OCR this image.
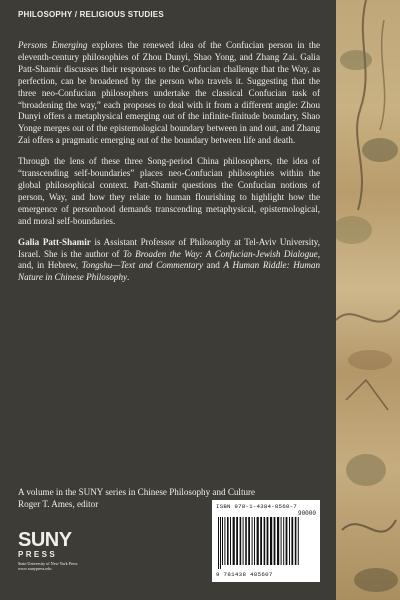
PHILOSOPHY / RELIGIOUS STUDIES

Persons Emerging explores the renewed idea of the Confucian person in the eleventh-century philosophies of Zhou Dunyi, Shao Yong, and Zhang Zai. Galia Patt-Shamir discusses their responses to the Confucian challenge that the Way, as perfection, can be broadened by the person who travels it. Suggesting that the three neo-Confucian philosophers undertake the classical Confucian task of “broadening the way,” each proposes to deal with it from a different angle: Zhou Dunyi offers a metaphysical emerging out of the infinite-finitude boundary, Shao Yonge merges out of the epistemological boundary between in and out, and Zhang Zai offers a pragmatic emerging out of the boundary between life and death.

Through the lens of these three Song-period China philosophers, the idea of “transcending self-boundaries” places neo-Confucian philosophies within the global philosophical context. Patt-Shamir questions the Confucian notions of person, Way, and how they relate to human flourishing to highlight how the emergence of personhood demands transcending metaphysical, epistemological, and moral self-boundaries.

Galia Patt-Shamir is Assistant Professor of Philosophy at Tel-Aviv University, Israel. She is the author of To Broaden the Way: A Confucian-Jewish Dialogue, and, in Hebrew, Tongshu—Text and Commentary and A Human Riddle: Human Nature in Chinese Philosophy.

A volume in the SUNY series in Chinese Philosophy and Culture
Roger T. Ames, editor	ISBN 978-1-4384-8560-7
90000
9 781438 485607
SUNY
PRESS
State University of New York Press
www.sunypress.edu
